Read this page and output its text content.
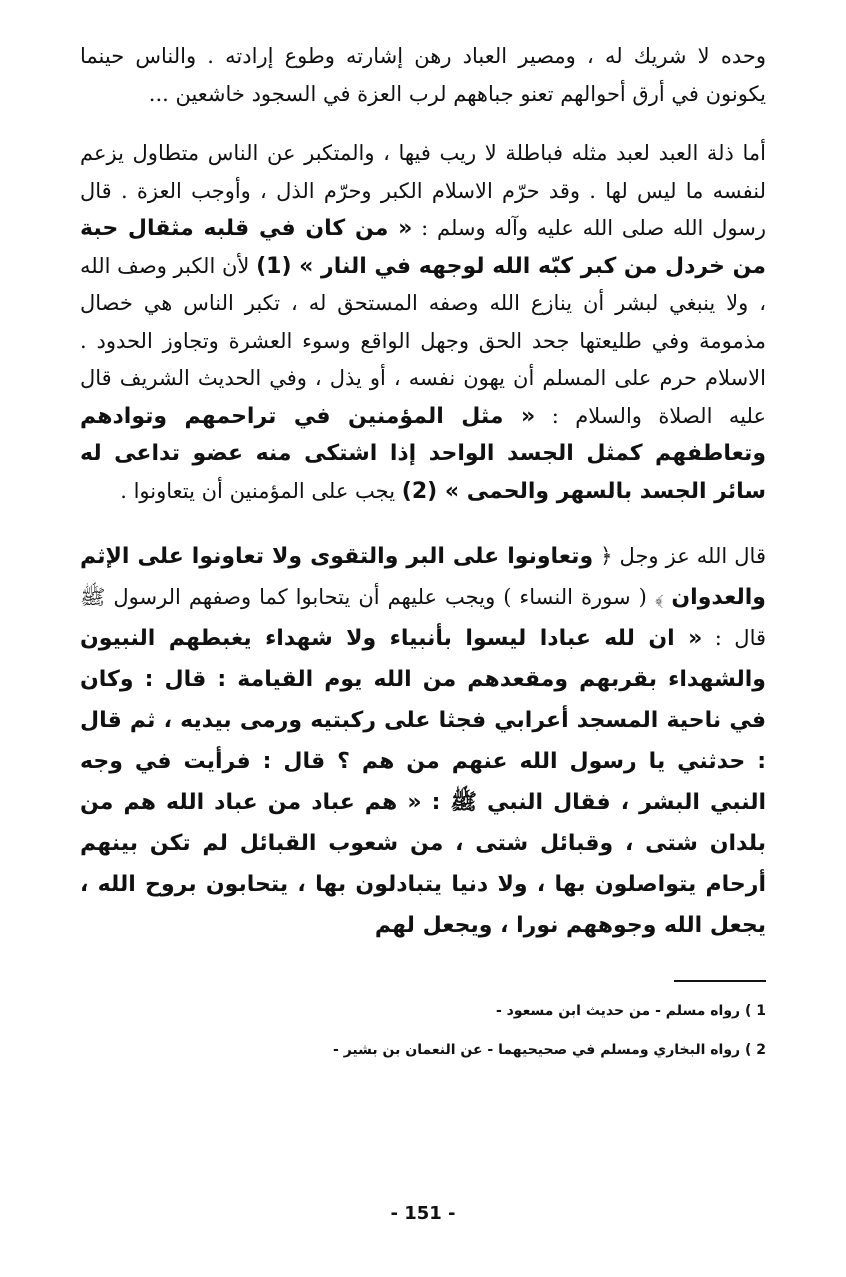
وحده لا شريك له ، ومصير العباد رهن إشارته وطوع إرادته . والناس حينما يكونون في أرق أحوالهم تعنو جباههم لرب العزة في السجود خاشعين ...

أما ذلة العبد لعبد مثله فباطلة لا ريب فيها ، والمتكبر عن الناس متطاول يزعم لنفسه ما ليس لها . وقد حرّم الاسلام الكبر وحرّم الذل ، وأوجب العزة . قال رسول الله صلى الله عليه وآله وسلم : « من كان في قلبه مثقال حبة من خردل من كبر كبّه الله لوجهه في النار » (1) لأن الكبر وصف الله ، ولا ينبغي لبشر أن ينازع الله وصفه المستحق له ، تكبر الناس هي خصال مذمومة وفي طليعتها جحد الحق وجهل الواقع وسوء العشرة وتجاوز الحدود . الاسلام حرم على المسلم أن يهون نفسه ، أو يذل ، وفي الحديث الشريف قال عليه الصلاة والسلام : « مثل المؤمنين في تراحمهم وتوادهم وتعاطفهم كمثل الجسد الواحد إذا اشتكى منه عضو تداعى له سائر الجسد بالسهر والحمى » (2) يجب على المؤمنين أن يتعاونوا .

قال الله عز وجل ﴿ وتعاونوا على البر والتقوى ولا تعاونوا على الإثم والعدوان ﴾ ( سورة النساء ) ويجب عليهم أن يتحابوا كما وصفهم الرسول ﷺ قال : « ان لله عبادا ليسوا بأنبياء ولا شهداء يغبطهم النبيون والشهداء بقربهم ومقعدهم من الله يوم القيامة : قال : وكان في ناحية المسجد أعرابي فجثا على ركبتيه ورمى بيديه ، ثم قال : حدثني يا رسول الله عنهم من هم ؟ قال : فرأيت في وجه النبي البشر ، فقال النبي ﷺ : « هم عباد من عباد الله هم من بلدان شتى ، وقبائل شتى ، من شعوب القبائل لم تكن بينهم أرحام يتواصلون بها ، ولا دنيا يتبادلون بها ، يتحابون بروح الله ، يجعل الله وجوههم نورا ، ويجعل لهم

1 ) رواه مسلم - من حديث ابن مسعود -

2 ) رواه البخاري ومسلم في صحيحيهما - عن النعمان بن بشير -

- 151 -
